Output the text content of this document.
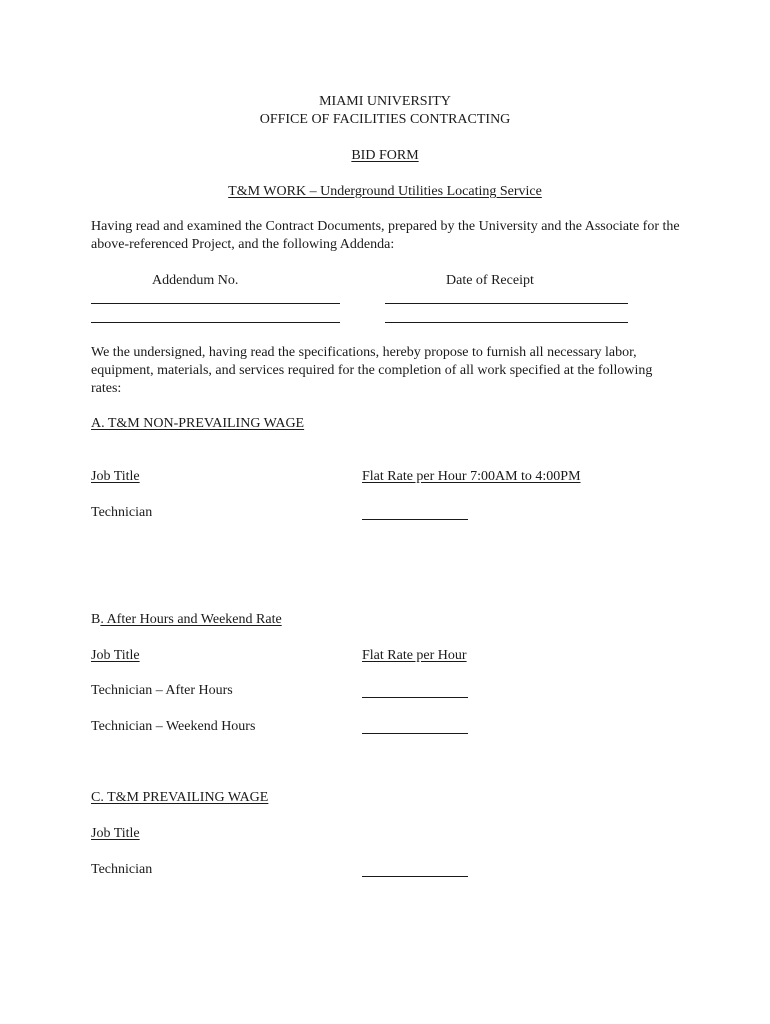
MIAMI UNIVERSITY
OFFICE OF FACILITIES CONTRACTING
BID FORM
T&M WORK – Underground Utilities Locating Service
Having read and examined the Contract Documents, prepared by the University and the Associate for the above-referenced Project, and the following Addenda:
Addendum No.	Date of Receipt
We the undersigned, having read the specifications, hereby propose to furnish all necessary labor, equipment, materials, and services required for the completion of all work specified at the following rates:
A. T&M NON-PREVAILING WAGE
Job Title	Flat Rate per Hour 7:00AM to 4:00PM
Technician
B. After Hours and Weekend Rate
Job Title	Flat Rate per Hour
Technician – After Hours
Technician – Weekend Hours
C. T&M PREVAILING WAGE
Job Title
Technician
